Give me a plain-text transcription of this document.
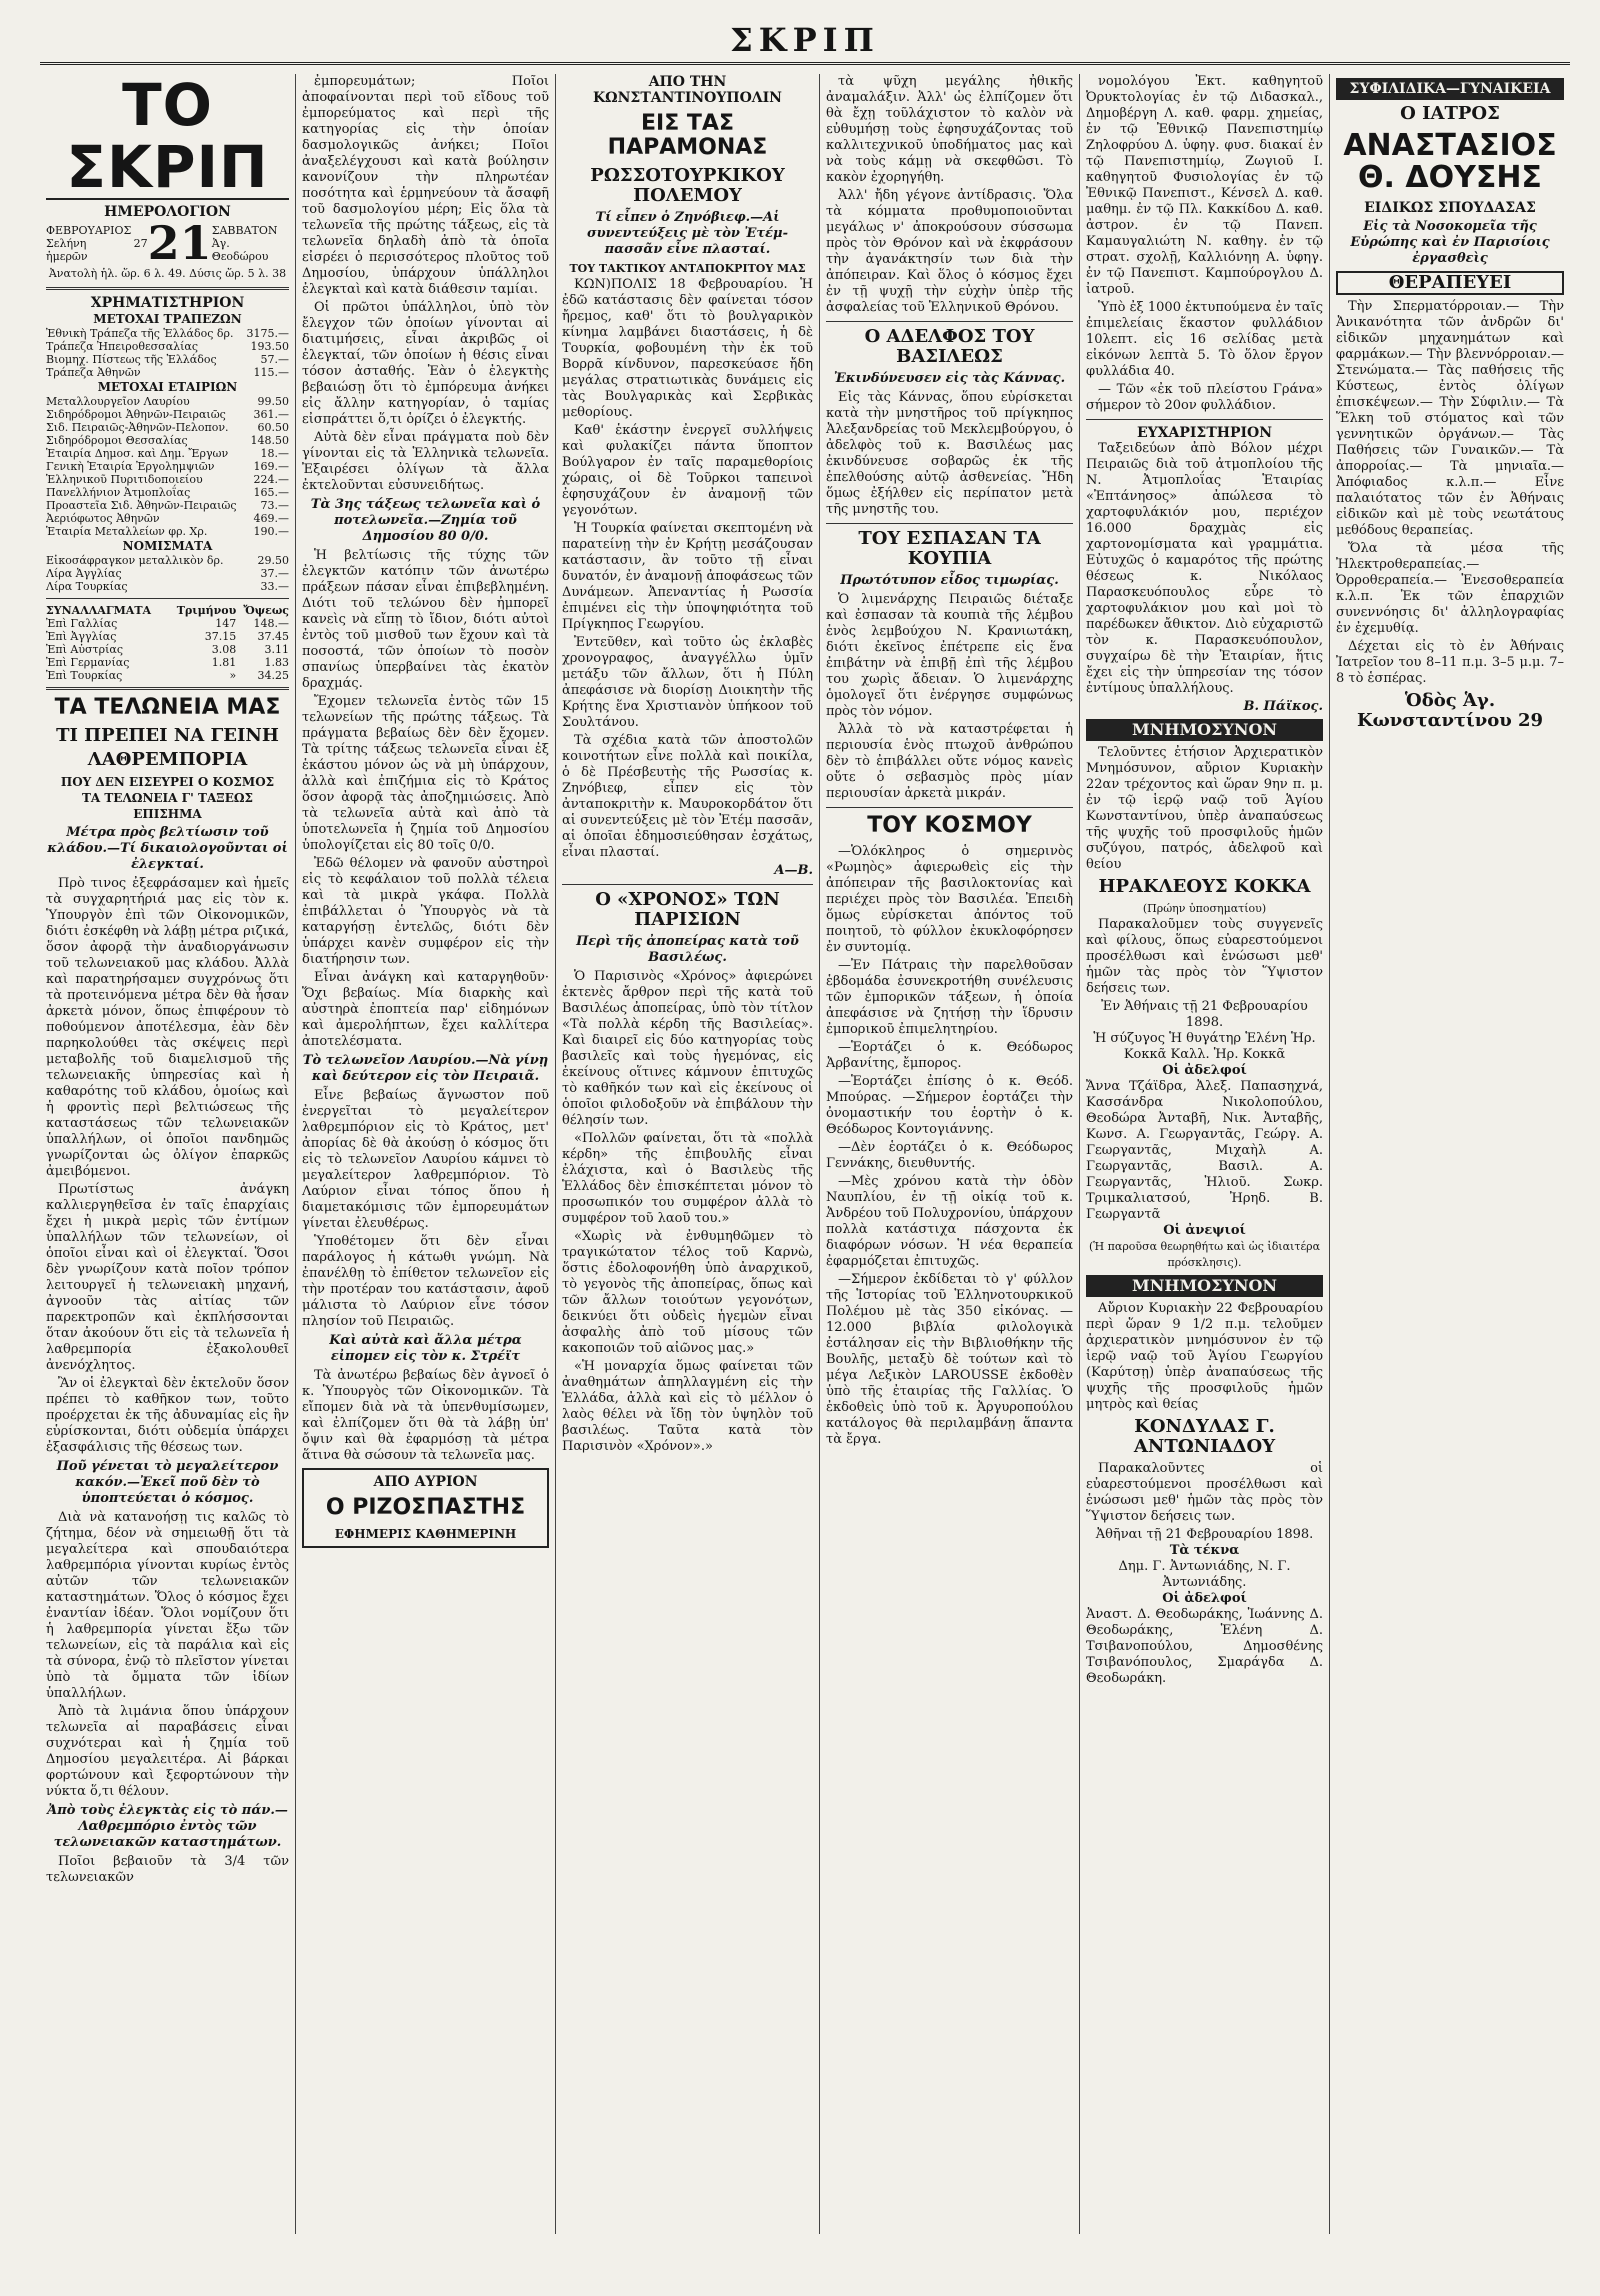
ΣΚΡΙΠ
ΤΟ ΣΚΡΙΠ
ΗΜΕΡΟΛΟΓΙΟΝ
ΦΕΒΡΟΥΑΡΙΟΣ
Σελήνη 27 ἡμερῶν	21 ΣΑΒΒΑΤΟΝ
Ἀγ. Θεοδώρου
Ἀνατολὴ ἡλ. ὥρ. 6 λ. 49. Δύσις ὥρ. 5 λ. 38
ΧΡΗΜΑΤΙΣΤΗΡΙΟΝ
ΜΕΤΟΧΑΙ ΤΡΑΠΕΖΩΝ
Ἐθνικὴ Τράπεζα τῆς Ἑλλάδος δρ.	3175.—
Τράπεζα Ἠπειροθεσσαλίας	193.50
Βιομηχ. Πίστεως τῆς Ἑλλάδος	57.—
Τράπεζα Ἀθηνῶν	115.—
ΜΕΤΟΧΑΙ ΕΤΑΙΡΙΩΝ
Μεταλλουργεῖον Λαυρίου	99.50
Σιδηρόδρομοι Ἀθηνῶν-Πειραιῶς	361.—
Σιδ. Πειραιῶς-Ἀθηνῶν-Πελοπον.	60.50
Σιδηρόδρομοι Θεσσαλίας	148.50
Ἑταιρία Δημοσ. καὶ Δημ. Ἔργων	18.—
Γενικὴ Ἑταιρία Ἐργολημψιῶν	169.—
Ἑλληνικοῦ Πυριτιδοποιείου	224.—
Πανελλήνιον Ἀτμοπλοΐας	165.—
Προαστεῖα Σιδ. Ἀθηνῶν-Πειραιῶς	73.—
Ἀεριόφωτος Ἀθηνῶν	469.—
Ἑταιρία Μεταλλείων φρ. Χρ.	190.—
ΝΟΜΙΣΜΑΤΑ
Εἰκοσάφραγκον μεταλλικὸν δρ.	29.50
Λίρα Ἀγγλίας	37.—
Λίρα Τουρκίας	33.—
ΣΥΝΑΛΛΑΓΜΑΤΑ	Τριμήνου	Ὄψεως
Ἐπὶ Γαλλίας	147	148.—
Ἐπὶ Ἀγγλίας	37.15	37.45
Ἐπὶ Αὐστρίας	3.08	3.11
Ἐπὶ Γερμανίας	1.81	1.83
Ἐπὶ Τουρκίας	»	34.25
ΤΑ ΤΕΛΩΝΕΙΑ ΜΑΣ
ΤΙ ΠΡΕΠΕΙ ΝΑ ΓΕΙΝΗ
ΛΑΘΡΕΜΠΟΡΙΑ
ΠΟΥ ΔΕΝ ΕΙΣΕΥΡΕΙ Ο ΚΟΣΜΟΣ
ΤΑ ΤΕΛΩΝΕΙΑ Γ' ΤΑΞΕΩΣ ΕΠΙΣΗΜΑ
Μέτρα πρὸς βελτίωσιν τοῦ κλάδου.—Τί δικαιολογοῦνται οἱ ἐλεγκταί.

Πρὸ τινος ἐξεφράσαμεν καὶ ἡμεῖς τὰ συγχαρητήριά μας εἰς τὸν κ. Ὑπουργὸν ἐπὶ τῶν Οἰκονομικῶν, διότι ἐσκέφθη νὰ λάβῃ μέτρα ριζικά, ὅσον ἀφορᾷ τὴν ἀναδιοργάνωσιν τοῦ τελωνειακοῦ μας κλάδου. Ἀλλὰ καὶ παρατηρήσαμεν συγχρόνως ὅτι τὰ προτεινόμενα μέτρα δὲν θὰ ἦσαν ἀρκετὰ μόνον, ὅπως ἐπιφέρουν τὸ ποθούμενον ἀποτέλεσμα, ἐὰν δὲν παρηκολούθει τὰς σκέψεις περὶ μεταβολῆς τοῦ διαμελισμοῦ τῆς τελωνειακῆς ὑπηρεσίας καὶ ἡ καθαρότης τοῦ κλάδου, ὁμοίως καὶ ἡ φροντὶς περὶ βελτιώσεως τῆς καταστάσεως τῶν τελωνειακῶν ὑπαλλήλων, οἱ ὁποῖοι πανδημῶς γνωρίζονται ὡς ὀλίγον ἐπαρκῶς ἀμειβόμενοι.

Πρωτίστως ἀνάγκη καλλιεργηθεῖσα ἐν ταῖς ἐπαρχίαις ἔχει ἡ μικρὰ μερὶς τῶν ἐντίμων ὑπαλλήλων τῶν τελωνείων, οἱ ὁποῖοι εἶναι καὶ οἱ ἐλεγκταί. Ὅσοι δὲν γνωρίζουν κατὰ ποῖον τρόπον λειτουργεῖ ἡ τελωνειακὴ μηχανή, ἀγνοοῦν τὰς αἰτίας τῶν παρεκτροπῶν καὶ ἐκπλήσσονται ὅταν ἀκούουν ὅτι εἰς τὰ τελωνεῖα ἡ λαθρεμπορία ἐξακολουθεῖ ἀνενόχλητος.

Ἂν οἱ ἐλεγκταὶ δὲν ἐκτελοῦν ὅσον πρέπει τὸ καθῆκον των, τοῦτο προέρχεται ἐκ τῆς ἀδυναμίας εἰς ἣν εὑρίσκονται, διότι οὐδεμία ὑπάρχει ἐξασφάλισις τῆς θέσεως των.

Ποῦ γένεται τὸ μεγαλείτερον κακόν.—Ἐκεῖ ποῦ δὲν τὸ ὑποπτεύεται ὁ κόσμος.

Διὰ νὰ κατανοήσῃ τις καλῶς τὸ ζήτημα, δέον νὰ σημειωθῇ ὅτι τὰ μεγαλείτερα καὶ σπουδαιότερα λαθρεμπόρια γίνονται κυρίως ἐντὸς αὐτῶν τῶν τελωνειακῶν καταστημάτων. Ὅλος ὁ κόσμος ἔχει ἐναντίαν ἰδέαν. Ὅλοι νομίζουν ὅτι ἡ λαθρεμπορία γίνεται ἔξω τῶν τελωνείων, εἰς τὰ παράλια καὶ εἰς τὰ σύνορα, ἐνῷ τὸ πλεῖστον γίνεται ὑπὸ τὰ ὄμματα τῶν ἰδίων ὑπαλλήλων.

Ἀπὸ τὰ λιμάνια ὅπου ὑπάρχουν τελωνεῖα αἱ παραβάσεις εἶναι συχνότεραι καὶ ἡ ζημία τοῦ Δημοσίου μεγαλειτέρα. Αἱ βάρκαι φορτώνουν καὶ ξεφορτώνουν τὴν νύκτα ὅ,τι θέλουν.

Ἀπὸ τοὺς ἐλεγκτὰς εἰς τὸ πάν.—Λαθρεμπόριο ἐντὸς τῶν τελωνειακῶν καταστημάτων.

Ποῖοι βεβαιοῦν τὰ 3/4 τῶν τελωνειακῶν

ἐμπορευμάτων; Ποῖοι ἀποφαίνονται περὶ τοῦ εἴδους τοῦ ἐμπορεύματος καὶ περὶ τῆς κατηγορίας εἰς τὴν ὁποίαν δασμολογικῶς ἀνήκει; Ποῖοι ἀναξελέγχουσι καὶ κατὰ βούλησιν κανονίζουν τὴν πληρωτέαν ποσότητα καὶ ἑρμηνεύουν τὰ ἄσαφῆ τοῦ δασμολογίου μέρη; Εἰς ὅλα τὰ τελωνεῖα τῆς πρώτης τάξεως, εἰς τὰ τελωνεῖα δηλαδὴ ἀπὸ τὰ ὁποῖα εἰσρέει ὁ περισσότερος πλοῦτος τοῦ Δημοσίου, ὑπάρχουν ὑπάλληλοι ἐλεγκταὶ καὶ κατὰ διάθεσιν ταμίαι.

Οἱ πρῶτοι ὑπάλληλοι, ὑπὸ τὸν ἔλεγχον τῶν ὁποίων γίνονται αἱ διατιμήσεις, εἶναι ἀκριβῶς οἱ ἐλεγκταί, τῶν ὁποίων ἡ θέσις εἶναι τόσον ἀσταθής. Ἐὰν ὁ ἐλεγκτὴς βεβαιώσῃ ὅτι τὸ ἐμπόρευμα ἀνήκει εἰς ἄλλην κατηγορίαν, ὁ ταμίας εἰσπράττει ὅ,τι ὁρίζει ὁ ἐλεγκτής.

Αὐτὰ δὲν εἶναι πράγματα ποὺ δὲν γίνονται εἰς τὰ Ἑλληνικὰ τελωνεῖα. Ἐξαιρέσει ὀλίγων τὰ ἄλλα ἐκτελοῦνται εὐσυνειδήτως.

Τὰ 3ης τάξεως τελωνεῖα καὶ ὁ ποτελωνεῖα.—Ζημία τοῦ Δημοσίου 80 0/0.

Ἡ βελτίωσις τῆς τύχης τῶν ἐλεγκτῶν κατόπιν τῶν ἀνωτέρω πράξεων πάσαν εἶναι ἐπιβεβλημένη. Διότι τοῦ τελώνου δὲν ἠμπορεῖ κανεὶς νὰ εἴπῃ τὸ ἴδιον, διότι αὐτοὶ ἐντὸς τοῦ μισθοῦ των ἔχουν καὶ τὰ ποσοστά, τῶν ὁποίων τὸ ποσὸν σπανίως ὑπερβαίνει τὰς ἑκατὸν δραχμάς.

Ἔχομεν τελωνεῖα ἐντὸς τῶν 15 τελωνείων τῆς πρώτης τάξεως. Τὰ πράγματα βεβαίως δὲν δὲν ἔχομεν. Τὰ τρίτης τάξεως τελωνεῖα εἶναι ἐξ ἑκάστου μόνον ὡς νὰ μὴ ὑπάρχουν, ἀλλὰ καὶ ἐπιζήμια εἰς τὸ Κράτος ὅσον ἀφορᾷ τὰς ἀποζημιώσεις. Ἀπὸ τὰ τελωνεῖα αὐτὰ καὶ ἀπὸ τὰ ὑποτελωνεῖα ἡ ζημία τοῦ Δημοσίου ὑπολογίζεται εἰς 80 τοῖς 0/0.

Ἐδῶ θέλομεν νὰ φανοῦν αὐστηροὶ εἰς τὸ κεφάλαιον τοῦ πολλὰ τέλεια καὶ τὰ μικρὰ γκάφα. Πολλὰ ἐπιβάλλεται ὁ Ὑπουργὸς νὰ τὰ καταργήσῃ ἐντελῶς, διότι δὲν ὑπάρχει κανὲν συμφέρον εἰς τὴν διατήρησιν των.

Εἶναι ἀνάγκη καὶ καταργηθοῦν· Ὅχι βεβαίως. Μία διαρκὴς καὶ αὐστηρὰ ἐποπτεία παρ' εἰδημόνων καὶ ἀμερολήπτων, ἔχει καλλίτερα ἀποτελέσματα.

Τὸ τελωνεῖον Λαυρίου.—Νὰ γίνῃ καὶ δεύτερον εἰς τὸν Πειραιᾶ.

Εἶνε βεβαίως ἄγνωστον ποῦ ἐνεργεῖται τὸ μεγαλείτερον λαθρεμπόριον εἰς τὸ Κράτος, μετ' ἀπορίας δὲ θὰ ἀκούσῃ ὁ κόσμος ὅτι εἰς τὸ τελωνεῖον Λαυρίου κάμνει τὸ μεγαλείτερον λαθρεμπόριον. Τὸ Λαύριον εἶναι τόπος ὅπου ἡ διαμετακόμισις τῶν ἐμπορευμάτων γίνεται ἐλευθέρως.

Ὑποθέτομεν ὅτι δὲν εἶναι παράλογος ἡ κάτωθι γνώμη. Νὰ ἐπανέλθῃ τὸ ἐπίθετον τελωνεῖον εἰς τὴν προτέραν του κατάστασιν, ἀφοῦ μάλιστα τὸ Λαύριον εἶνε τόσον πλησίον τοῦ Πειραιῶς.

Καὶ αὐτὰ καὶ ἄλλα μέτρα εἰπομεν εἰς τὸν κ. Στρέϊτ

Τὰ ἀνωτέρω βεβαίως δὲν ἀγνοεῖ ὁ κ. Ὑπουργὸς τῶν Οἰκονομικῶν. Τὰ εἴπομεν διὰ νὰ τὰ ὑπενθυμίσωμεν, καὶ ἐλπίζομεν ὅτι θὰ τὰ λάβῃ ὑπ' ὄψιν καὶ θὰ ἐφαρμόσῃ τὰ μέτρα ἅτινα θὰ σώσουν τὰ τελωνεῖα μας.

ΑΠΟ ΑΥΡΙΟΝ
Ο ΡΙΖΟΣΠΑΣΤΗΣ
ΕΦΗΜΕΡΙΣ ΚΑΘΗΜΕΡΙΝΗ
ΑΠΟ ΤΗΝ ΚΩΝΣΤΑΝΤΙΝΟΥΠΟΛΙΝ
ΕΙΣ ΤΑΣ ΠΑΡΑΜΟΝΑΣ
ΡΩΣΣΟΤΟΥΡΚΙΚΟΥ ΠΟΛΕΜΟΥ
Τί εἶπεν ὁ Ζηνόβιεφ.—Αἱ συνεντεύξεις μὲ τὸν Ἐτέμ-πασσᾶν εἶνε πλασταί.
ΤΟΥ ΤΑΚΤΙΚΟΥ ΑΝΤΑΠΟΚΡΙΤΟΥ ΜΑΣ

ΚΩΝ)ΠΟΛΙΣ 18 Φεβρουαρίου. Ἡ ἐδῶ κατάστασις δὲν φαίνεται τόσον ἤρεμος, καθ' ὅτι τὸ βουλγαρικὸν κίνημα λαμβάνει διαστάσεις, ἡ δὲ Τουρκία, φοβουμένη τὴν ἐκ τοῦ Βορρᾶ κίνδυνον, παρεσκεύασε ἤδη μεγάλας στρατιωτικὰς δυνάμεις εἰς τὰς Βουλγαρικὰς καὶ Σερβικὰς μεθορίους.

Καθ' ἑκάστην ἐνεργεῖ συλλήψεις καὶ φυλακίζει πάντα ὕποπτον Βούλγαρον ἐν ταῖς παραμεθορίοις χώραις, οἱ δὲ Τοῦρκοι ταπεινοὶ ἐφησυχάζουν ἐν ἀναμονῇ τῶν γεγονότων.

Ἡ Τουρκία φαίνεται σκεπτομένη νὰ παρατείνῃ τὴν ἐν Κρήτῃ μεσάζουσαν κατάστασιν, ἂν τοῦτο τῇ εἶναι δυνατόν, ἐν ἀναμονῇ ἀποφάσεως τῶν Δυνάμεων. Ἀπεναντίας ἡ Ρωσσία ἐπιμένει εἰς τὴν ὑποψηφιότητα τοῦ Πρίγκηπος Γεωργίου.

Ἐντεῦθεν, καὶ τοῦτο ὡς ἐκλαβὲς χρονογραφος, ἀναγγέλλω ὑμῖν μετάξυ τῶν ἄλλων, ὅτι ἡ Πύλη ἀπεφάσισε νὰ διορίσῃ Διοικητὴν τῆς Κρήτης ἕνα Χριστιανὸν ὑπήκοον τοῦ Σουλτάνου.

Τὰ σχέδια κατὰ τῶν ἀποστολῶν κοινοτήτων εἶνε πολλὰ καὶ ποικίλα, ὁ δὲ Πρέσβευτὴς τῆς Ρωσσίας κ. Ζηνόβιεφ, εἶπεν εἰς τὸν ἀνταποκριτὴν κ. Μαυροκορδάτον ὅτι αἱ συνεντεύξεις μὲ τὸν Ἐτέμ πασσᾶν, αἱ ὁποῖαι ἐδημοσιεύθησαν ἐσχάτως, εἶναι πλασταί.

Α—Β.
Ο «ΧΡΟΝΟΣ» ΤΩΝ ΠΑΡΙΣΙΩΝ
Περὶ τῆς ἀποπείρας κατὰ τοῦ Βασιλέως.

Ὁ Παρισινὸς «Χρόνος» ἀφιερώνει ἐκτενὲς ἄρθρον περὶ τῆς κατὰ τοῦ Βασιλέως ἀποπείρας, ὑπὸ τὸν τίτλον «Τὰ πολλὰ κέρδη τῆς Βασιλείας». Καὶ διαιρεῖ εἰς δύο κατηγορίας τοὺς βασιλεῖς καὶ τοὺς ἡγεμόνας, εἰς ἐκείνους οἵτινες κάμνουν ἐπιτυχῶς τὸ καθῆκόν των καὶ εἰς ἐκείνους οἱ ὁποῖοι φιλοδοξοῦν νὰ ἐπιβάλουν τὴν θέλησίν των.

«Πολλῶν φαίνεται, ὅτι τὰ «πολλὰ κέρδη» τῆς ἐπιβουλῆς εἶναι ἐλάχιστα, καὶ ὁ Βασιλεὺς τῆς Ἑλλάδος δὲν ἐπισκέπτεται μόνον τὸ προσωπικόν του συμφέρον ἀλλὰ τὸ συμφέρον τοῦ λαοῦ του.»

«Χωρὶς νὰ ἐνθυμηθῶμεν τὸ τραγικώτατον τέλος τοῦ Καρνὼ, ὅστις ἐδολοφονήθη ὑπὸ ἀναρχικοῦ, τὸ γεγονὸς τῆς ἀποπείρας, ὅπως καὶ τῶν ἄλλων τοιούτων γεγονότων, δεικνύει ὅτι οὐδεὶς ἡγεμὼν εἶναι ἀσφαλὴς ἀπὸ τοῦ μίσους τῶν κακοποιῶν τοῦ αἰῶνος μας.»

«Ἡ μοναρχία ὅμως φαίνεται τῶν ἀναθημάτων ἀπηλλαγμένη εἰς τὴν Ἑλλάδα, ἀλλὰ καὶ εἰς τὸ μέλλον ὁ λαὸς θέλει νὰ ἴδῃ τὸν ὑψηλὸν τοῦ βασιλέως. Ταῦτα κατὰ τὸν Παρισινὸν «Χρόνον».»

τὰ ψῦχη μεγάλης ἠθικῆς ἀναμαλάξιν. Ἀλλ' ὡς ἐλπίζομεν ὅτι θὰ ἔχῃ τοῦλάχιστον τὸ καλὸν νὰ εὐθυμήσῃ τοὺς ἐφησυχάζοντας τοῦ καλλιτεχνικοῦ ὑποδήματος μας καὶ νὰ τοὺς κάμῃ νὰ σκεφθῶσι. Τὸ κακὸν ἐχορηγήθη.

Ἀλλ' ἤδη γέγονε ἀντίδρασις. Ὅλα τὰ κόμματα προθυμοποιοῦνται μεγάλως ν' ἀποκρούσουν σύσσωμα πρὸς τὸν Θρόνον καὶ νὰ ἐκφράσουν τὴν ἀγανάκτησίν των διὰ τὴν ἀπόπειραν. Καὶ ὅλος ὁ κόσμος ἔχει ἐν τῇ ψυχῇ τὴν εὐχὴν ὑπὲρ τῆς ἀσφαλείας τοῦ Ἑλληνικοῦ Θρόνου.

Ο ΑΔΕΛΦΟΣ ΤΟΥ ΒΑΣΙΛΕΩΣ
Ἐκινδύνευσεν εἰς τὰς Κάννας.

Εἰς τὰς Κάννας, ὅπου εὑρίσκεται κατὰ τὴν μνηστῆρος τοῦ πρίγκηπος Ἀλεξανδρείας τοῦ Μεκλεμβούργου, ὁ ἀδελφὸς τοῦ κ. Βασιλέως μας ἐκινδύνευσε σοβαρῶς ἐκ τῆς ἐπελθούσης αὐτῷ ἀσθενείας. Ἤδη ὅμως ἐξήλθεν εἰς περίπατον μετὰ τῆς μνηστῆς του.

ΤΟΥ ΕΣΠΑΣΑΝ ΤΑ ΚΟΥΠΙΑ
Πρωτότυπον εἶδος τιμωρίας.

Ὁ λιμενάρχης Πειραιῶς διέταξε καὶ ἐσπασαν τὰ κουπιὰ τῆς λέμβου ἑνὸς λεμβούχου Ν. Κρανιωτάκη, διότι ἐκεῖνος ἐπέτρεπε εἰς ἕνα ἐπιβάτην νὰ ἐπιβῇ ἐπὶ τῆς λέμβου του χωρὶς ἄδειαν. Ὁ λιμενάρχης ὁμολογεῖ ὅτι ἐνέργησε συμφώνως πρὸς τὸν νόμον.

Ἀλλὰ τὸ νὰ καταστρέφεται ἡ περιουσία ἑνὸς πτωχοῦ ἀνθρώπου δὲν τὸ ἐπιβάλλει οὔτε νόμος κανεὶς οὔτε ὁ σεβασμὸς πρὸς μίαν περιουσίαν ἀρκετὰ μικράν.

ΤΟΥ ΚΟΣΜΟΥ

—Ὁλόκληρος ὁ σημερινὸς «Ρωμηὸς» ἀφιερωθεὶς εἰς τὴν ἀπόπειραν τῆς βασιλοκτονίας καὶ περιέχει πρὸς τὸν Βασιλέα. Ἐπειδὴ ὅμως εὐρίσκεται ἀπόντος τοῦ ποιητοῦ, τὸ φύλλον ἐκυκλοφόρησεν ἐν συντομίᾳ.

—Ἐν Πάτραις τὴν παρελθοῦσαν ἑβδομάδα ἐσυνεκροτήθη συνέλευσις τῶν ἐμπορικῶν τάξεων, ἡ ὁποία ἀπεφάσισε νὰ ζητήσῃ τὴν ἵδρυσιν ἐμπορικοῦ ἐπιμελητηρίου.

—Ἑορτάζει ὁ κ. Θεόδωρος Ἀρβανίτης, ἔμπορος.

—Ἑορτάζει ἐπίσης ὁ κ. Θεόδ. Μπούρας. —Σήμερον ἑορτάζει τὴν ὀνομαστικήν του ἑορτὴν ὁ κ. Θεόδωρος Κοντογιάννης.

—Δὲν ἑορτάζει ὁ κ. Θεόδωρος Γεννάκης, διευθυντής.

—Μὲς χρόνου κατὰ τὴν ὁδὸν Ναυπλίου, ἐν τῇ οἰκίᾳ τοῦ κ. Ἀνδρέου τοῦ Πολυχρονίου, ὑπάρχουν πολλὰ κατάστιχα πάσχοντα ἐκ διαφόρων νόσων. Ἡ νέα θεραπεία ἐφαρμόζεται ἐπιτυχῶς.

—Σήμερον ἐκδίδεται τὸ γ' φύλλον τῆς Ἱστορίας τοῦ Ἑλληνοτουρκικοῦ Πολέμου μὲ τὰς 350 εἰκόνας. —12.000 βιβλία φιλολογικὰ ἐστάλησαν εἰς τὴν Βιβλιοθήκην τῆς Βουλῆς, μεταξὺ δὲ τούτων καὶ τὸ μέγα Λεξικὸν LAROUSSE ἐκδοθὲν ὑπὸ τῆς ἐταιρίας τῆς Γαλλίας. Ὁ ἐκδοθεὶς ὑπὸ τοῦ κ. Ἀργυροπούλου κατάλογος θὰ περιλαμβάνῃ ἅπαντα τὰ ἔργα.

νομολόγου Ἐκτ. καθηγητοῦ Ὀρυκτολογίας ἐν τῷ Διδασκαλ., Δημοβέργη Λ. καθ. φαρμ. χημείας, ἐν τῷ Ἐθνικῷ Πανεπιστημίῳ Ζηλοφρύου Δ. ὑφηγ. φυσ. διακαί ἐν τῷ Πανεπιστημίῳ, Ζωγιοῦ Ι. καθηγητοῦ Φυσιολογίας ἐν τῷ Ἐθνικῷ Πανεπιστ., Κένσελ Δ. καθ. μαθημ. ἐν τῷ Πλ. Κακκίδου Δ. καθ. ἀστρον. ἐν τῷ Πανεπ. Καμαυγαλιώτη Ν. καθηγ. ἐν τῷ στρατ. σχολῇ, Καλλιόνηη Α. ὑφηγ. ἐν τῷ Πανεπιστ. Καμπούρογλου Δ. ἰατροῦ.

Ὑπὸ ἐξ 1000 ἐκτυπούμενα ἐν ταῖς ἐπιμελείαις ἕκαστον φυλλάδιον 10λεπτ. εἰς 16 σελίδας μετὰ εἰκόνων λεπτὰ 5. Τὸ ὅλον ἔργον φυλλάδια 40.

— Τῶν «ἐκ τοῦ πλείστου Γράνα» σήμερον τὸ 20ον φυλλάδιον.

ΕΥΧΑΡΙΣΤΗΡΙΟΝ

Ταξειδεύων ἀπὸ Βόλον μέχρι Πειραιῶς διὰ τοῦ ἀτμοπλοίου τῆς Ν. Ἀτμοπλοΐας Ἑταιρίας «Ἐπτάνησος» ἀπώλεσα τὸ χαρτοφυλάκιόν μου, περιέχον 16.000 δραχμὰς εἰς χαρτονομίσματα καὶ γραμμάτια. Εὐτυχῶς ὁ καμαρότος τῆς πρώτης θέσεως κ. Νικόλαος Παρασκευόπουλος εὗρε τὸ χαρτοφυλάκιον μου καὶ μοὶ τὸ παρέδωκεν ἄθικτον. Διὸ εὐχαριστῶ τὸν κ. Παρασκευόπουλον, συγχαίρω δὲ τὴν Ἑταιρίαν, ἥτις ἔχει εἰς τὴν ὑπηρεσίαν της τόσον ἐντίμους ὑπαλλήλους.

Β. Πάϊκος.
ΜΝΗΜΟΣΥΝΟΝ

Τελοῦντες ἐτήσιον Ἀρχιερατικὸν Μνημόσυνον, αὔριον Κυριακὴν 22αν τρέχοντος καὶ ὥραν 9ην π. μ. ἐν τῷ ἱερῷ ναῷ τοῦ Ἁγίου Κωνσταντίνου, ὑπὲρ ἀναπαύσεως τῆς ψυχῆς τοῦ προσφιλοῦς ἡμῶν συζύγου, πατρός, ἀδελφοῦ καὶ θείου

ΗΡΑΚΛΕΟΥΣ ΚΟΚΚΑ
(Πρώην ὑποσηματίου)

Παρακαλοῦμεν τοὺς συγγενεῖς καὶ φίλους, ὅπως εὐαρεστούμενοι προσέλθωσι καὶ ἑνώσωσι μεθ' ἡμῶν τὰς πρὸς τὸν Ὕψιστον δεήσεις των.

Ἐν Ἀθήναις τῇ 21 Φεβρουαρίου 1898.
Ἡ σύζυγος Ἡ θυγάτηρ Ἑλένη Ἡρ. Κοκκᾶ Καλλ. Ἡρ. Κοκκᾶ
Οἱ ἀδελφοί
Ἄννα Τζάϊδρα, Ἀλεξ. Παπασηχνά, Κασσάνδρα Νικολοπούλου, Θεοδώρα Ἀνταβῆ, Νικ. Ἀνταβῆς, Κωνσ. Α. Γεωργαντᾶς, Γεώργ. Α. Γεωργαντᾶς, Μιχαὴλ Α. Γεωργαντᾶς, Βασιλ. Α. Γεωργαντᾶς, Ἠλιοῦ. Σωκρ. Τριμκαλιατσού, Ἠρηδ. Β. Γεωργαντᾶ
Οἱ ἀνεψιοί
(Ἡ παροῦσα θεωρηθήτω καὶ ὡς ἰδιαιτέρα πρόσκλησις).
ΜΝΗΜΟΣΥΝΟΝ

Αὔριον Κυριακὴν 22 Φεβρουαρίου περὶ ὥραν 9 1/2 π.μ. τελοῦμεν ἀρχιερατικὸν μνημόσυνον ἐν τῷ ἱερῷ ναῷ τοῦ Ἁγίου Γεωργίου (Καρύτσῃ) ὑπὲρ ἀναπαύσεως τῆς ψυχῆς τῆς προσφιλοῦς ἡμῶν μητρὸς καὶ θείας

ΚΟΝΔΥΛΑΣ Γ. ΑΝΤΩΝΙΑΔΟΥ

Παρακαλοῦντες οἱ εὐαρεστούμενοι προσέλθωσι καὶ ἑνώσωσι μεθ' ἡμῶν τὰς πρὸς τὸν Ὕψιστον δεήσεις των.

Ἀθῆναι τῇ 21 Φεβρουαρίου 1898.
Τὰ τέκνα
Δημ. Γ. Ἀντωνιάδης, Ν. Γ. Ἀντωνιάδης.
Οἱ ἀδελφοί
Ἀναστ. Δ. Θεοδωράκης, Ἰωάννης Δ. Θεοδωράκης, Ἑλένη Δ. Τσιβανοπούλου, Δημοσθένης Τσιβανόπουλος, Σμαράγδα Δ. Θεοδωράκη.
ΣΥΦΙΛΙΔΙΚΑ—ΓΥΝΑΙΚΕΙΑ
Ο ΙΑΤΡΟΣ
ΑΝΑΣΤΑΣΙΟΣ Θ. ΔΟΥΣΗΣ
ΕΙΔΙΚΩΣ ΣΠΟΥΔΑΣΑΣ
Εἰς τὰ Νοσοκομεῖα τῆς Εὐρώπης καὶ ἐν Παρισίοις ἐργασθεὶς
ΘΕΡΑΠΕΥΕΙ

Τὴν Σπερματόρροιαν.— Τὴν Ἀνικανότητα τῶν ἀνδρῶν δι' εἰδικῶν μηχανημάτων καὶ φαρμάκων.— Τὴν βλεννόρροιαν.— Στενώματα.— Τὰς παθήσεις τῆς Κύστεως, ἐντὸς ὀλίγων ἐπισκέψεων.— Τὴν Σύφιλιν.— Τὰ Ἕλκη τοῦ στόματος καὶ τῶν γεννητικῶν ὀργάνων.— Τὰς Παθήσεις τῶν Γυναικῶν.— Τὰ ἀπορροίας.— Τὰ μηνιαῖα.— Ἀπόφιαδος κ.λ.π.— Εἶνε παλαιότατος τῶν ἐν Ἀθήναις εἰδικῶν καὶ μὲ τοὺς νεωτάτους μεθόδους θεραπείας.

Ὅλα τὰ μέσα τῆς Ἠλεκτροθεραπείας.— Ὀρροθεραπεία.— Ἐνεσοθεραπεία κ.λ.π. Ἐκ τῶν ἐπαρχιῶν συνεννόησις δι' ἀλληλογραφίας ἐν ἐχεμυθίᾳ.

Δέχεται εἰς τὸ ἐν Ἀθήναις Ἰατρεῖον του 8–11 π.μ. 3–5 μ.μ. 7–8 τὸ ἑσπέρας.

Ὁδὸς Ἁγ. Κωνσταντίνου 29
